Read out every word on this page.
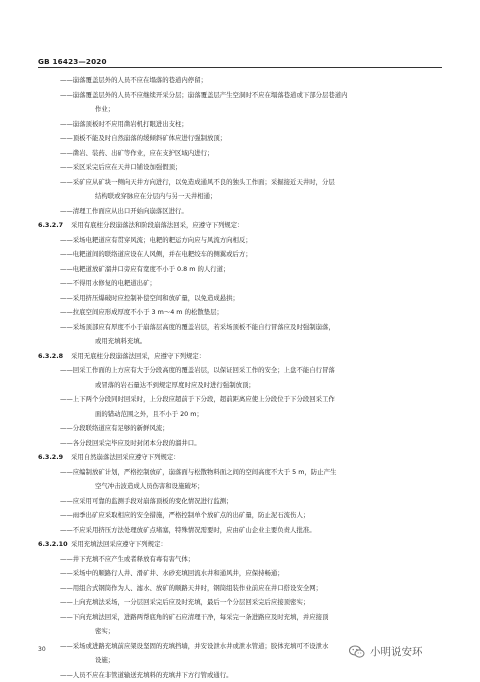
GB 16423—2020
——崩落覆盖层外的人员不应在塌落的巷道内停留；
——崩落覆盖层外的人员不应继续开采分层；崩落覆盖层产生空洞时不应在塌落巷道或下部分层巷道内
作业；
——崩落顶板时不应用凿岩机打眼进出支柱；
——顶板不能及时自然崩落的缓倾斜矿体应进行强制放顶；
——凿岩、装药、出矿等作业，应在支护区域内进行；
——采区采完后应在天井口铺设加强假顶；
——采矿应从矿块一侧向天井方向进行，以免造成通风不良的独头工作面；采掘接近天井时，分层
结构联或穿脉应在分层内与另一天井相通；
——清理工作面应从出口开始向崩落区进行。
6.3.2.7 采用有底柱分段崩落法和阶段崩落法回采，应遵守下列规定：
——采场电耙道应有贯穿风流；电耙的耙运方向应与风流方向相反；
——电耙道间的联络道应设在人风侧，并在电耙绞车的侧翼或后方；
——电耙道放矿溜井口旁应有宽度不小于 0.8 m 的人行道；
——不得用水修复的电耙道出矿；
——采用挤压爆破时应控制补偿空间和放矿量，以免造成悬拱；
——拉底空间应形成厚度不小于 3 m～4 m 的松散垫层；
——采场顶部应有厚度不小于崩落层高度的覆盖岩层，若采场顶板不能自行冒落应及时强制崩落，
或用充填料充填。
6.3.2.8 采用无底柱分段崩落法回采，应遵守下列规定：
——回采工作面的上方应有大于分段高度的覆盖岩层，以保证回采工作的安全；上盘不能自行冒落
或冒落的岩石量达不到规定厚度时应及时进行强制放顶；
——上下两个分段同时回采时，上分段应超前于下分段，超前距离应使上分段位于下分段回采工作
面的错动范围之外，且不小于 20 m；
——分段联络道应有足够的新鲜风流；
——各分段回采完毕应及时封闭本分段的溜井口。
6.3.2.9 采用自然崩落法回采应遵守下列规定：
——应编制放矿计划，严格控制放矿，崩落面与松散物料面之间的空间高度不大于 5 m，防止产生
空气冲击波造成人员伤害和设施破坏；
——应采用可靠的监测手段对崩落顶板的变化情况进行监测；
——雨季出矿应采取相应的安全措施，严格控制单个放矿点的出矿量，防止泥石流伤人；
——不应采用挤压方法处理放矿点堵塞，特殊情况需要时，应由矿山企业主要负责人批准。
6.3.2.10 采用充填法回采应遵守下列规定：
——井下充填不应产生或者释放有毒有害气体；
——采场中的顺路行人井、滑矿井、水砂充填回流水井和通风井，应保持畅通；
——用组合式钢筒作为人、滤水、放矿的顺路天井时，钢筒组装作业前应在井口搭设安全网；
——上向充填法采场，一分层回采完后应及时充填，最后一个分层回采完后应接顶密实；
——下向充填法回采，进路两帮底角的矿石应清理干净，每采完一条进路应及时充填，并应接顶
密实；
——采场或进路充填前应架设坚固的充填挡墙，并安设泄水井或泄水管道；胶体充填可不设泄水
设施；
——人员不应在非管道输送充填料的充填井下方行管或通行。
30	小明说安环
